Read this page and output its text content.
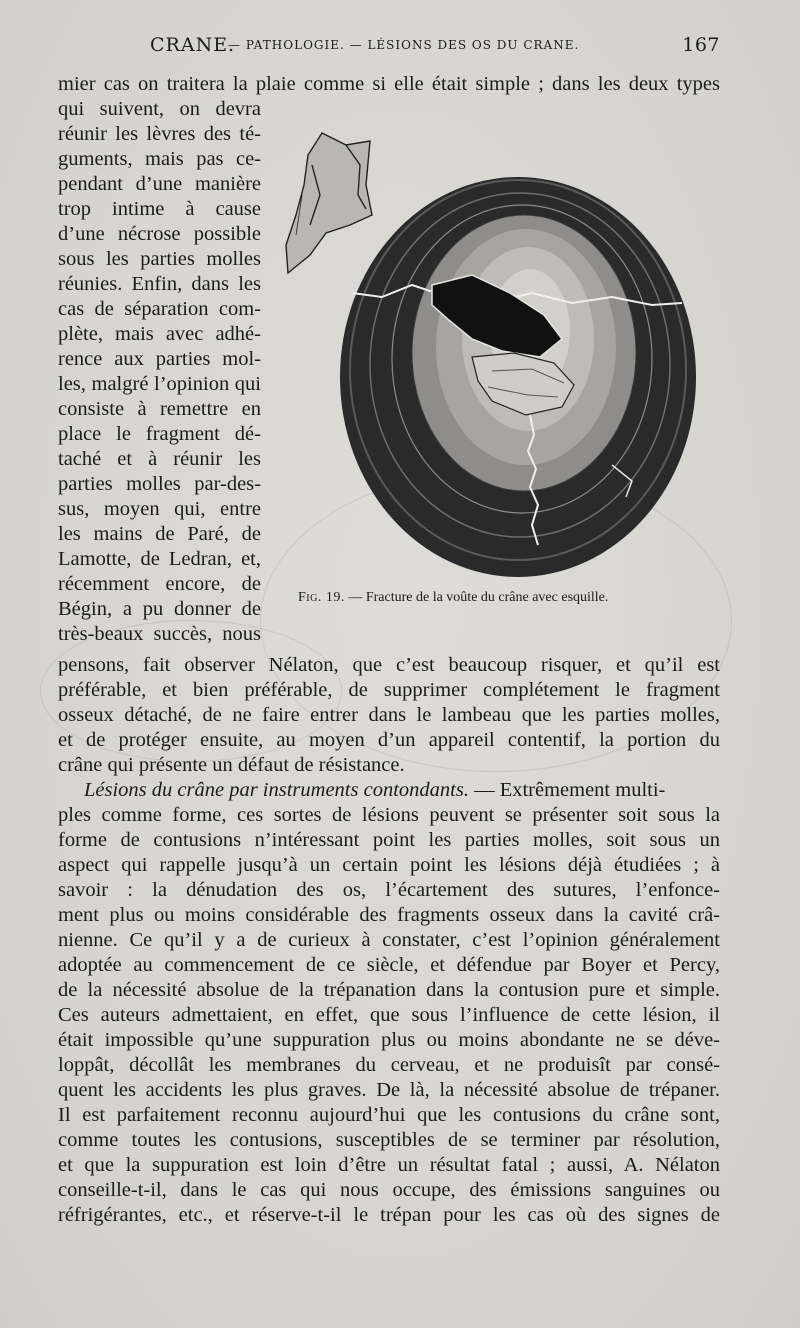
CRANE.
— PATHOLOGIE. — LÉSIONS DES OS DU CRANE.	167
mier cas on traitera la plaie comme si elle était simple ; dans les deux types
qui suivent, on devra
réunir les lèvres des té-
guments, mais pas ce-
pendant d’une manière
trop intime à cause
d’une nécrose possible
sous les parties molles
réunies. Enfin, dans les
cas de séparation com-
plète, mais avec adhé-
rence aux parties mol-
les, malgré l’opinion qui
consiste à remettre en
place le fragment dé-
taché et à réunir les
parties molles par-des-
sus, moyen qui, entre
les mains de Paré, de
Lamotte, de Ledran, et,
récemment encore, de
Bégin, a pu donner de
très-beaux succès, nous
Fig. 19. — Fracture de la voûte du crâne avec esquille.
pensons, fait observer Nélaton, que c’est beaucoup risquer, et qu’il est
préférable, et bien préférable, de supprimer complétement le fragment
osseux détaché, de ne faire entrer dans le lambeau que les parties molles,
et de protéger ensuite, au moyen d’un appareil contentif, la portion du
crâne qui présente un défaut de résistance.
Lésions du crâne par instruments contondants. — Extrêmement multi-
ples comme forme, ces sortes de lésions peuvent se présenter soit sous la
forme de contusions n’intéressant point les parties molles, soit sous un
aspect qui rappelle jusqu’à un certain point les lésions déjà étudiées ; à
savoir : la dénudation des os, l’écartement des sutures, l’enfonce-
ment plus ou moins considérable des fragments osseux dans la cavité crâ-
nienne. Ce qu’il y a de curieux à constater, c’est l’opinion généralement
adoptée au commencement de ce siècle, et défendue par Boyer et Percy,
de la nécessité absolue de la trépanation dans la contusion pure et simple.
Ces auteurs admettaient, en effet, que sous l’influence de cette lésion, il
était impossible qu’une suppuration plus ou moins abondante ne se déve-
loppât, décollât les membranes du cerveau, et ne produisît par consé-
quent les accidents les plus graves. De là, la nécessité absolue de trépaner.
Il est parfaitement reconnu aujourd’hui que les contusions du crâne sont,
comme toutes les contusions, susceptibles de se terminer par résolution,
et que la suppuration est loin d’être un résultat fatal ; aussi, A. Nélaton
conseille-t-il, dans le cas qui nous occupe, des émissions sanguines ou
réfrigérantes, etc., et réserve-t-il le trépan pour les cas où des signes de
